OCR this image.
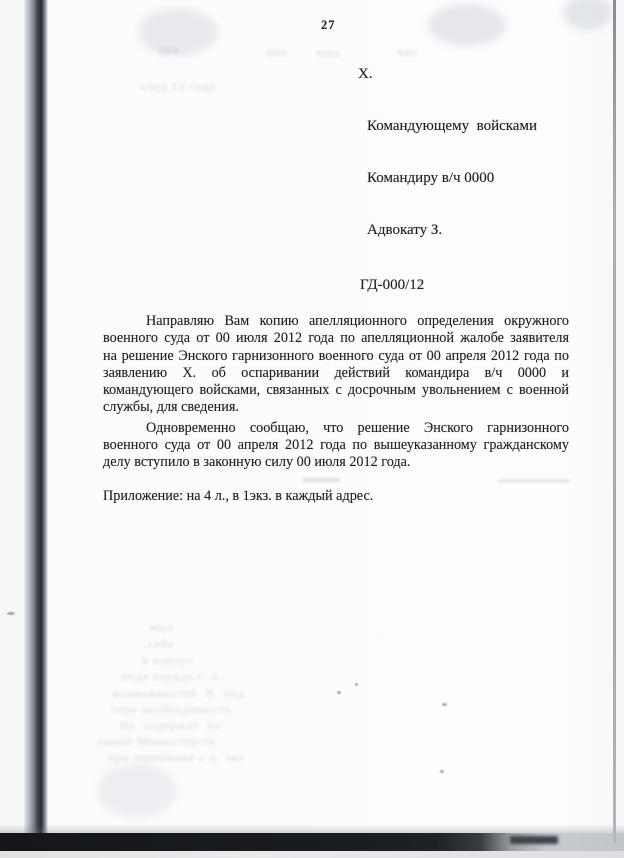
ова	апо нпо	час
след 12 года
мых
себя
в корпус
пода наряда с  п
возможностей  И  под
тере необходимость
Не  содержат  по
наций Министерств
при экономике с п. эко
27
Х.
Командующему  войсками
Командиру в/ч 0000
Адвокату З.
ГД-000/12
Направляю Вам копию апелляционного определения окружного
военного суда от 00 июля 2012 года по апелляционной жалобе заявителя
на решение Энского гарнизонного военного суда от 00 апреля 2012 года по
заявлению Х. об оспаривании действий командира в/ч 0000 и
командующего войсками, связанных с досрочным увольнением с военной
службы, для сведения.
Одновременно сообщаю, что решение Энского гарнизонного
военного суда от 00 апреля 2012 года по вышеуказанному гражданскому
делу вступило в законную силу 00 июля 2012 года.
Приложение: на 4 л., в 1экз. в каждый адрес.
